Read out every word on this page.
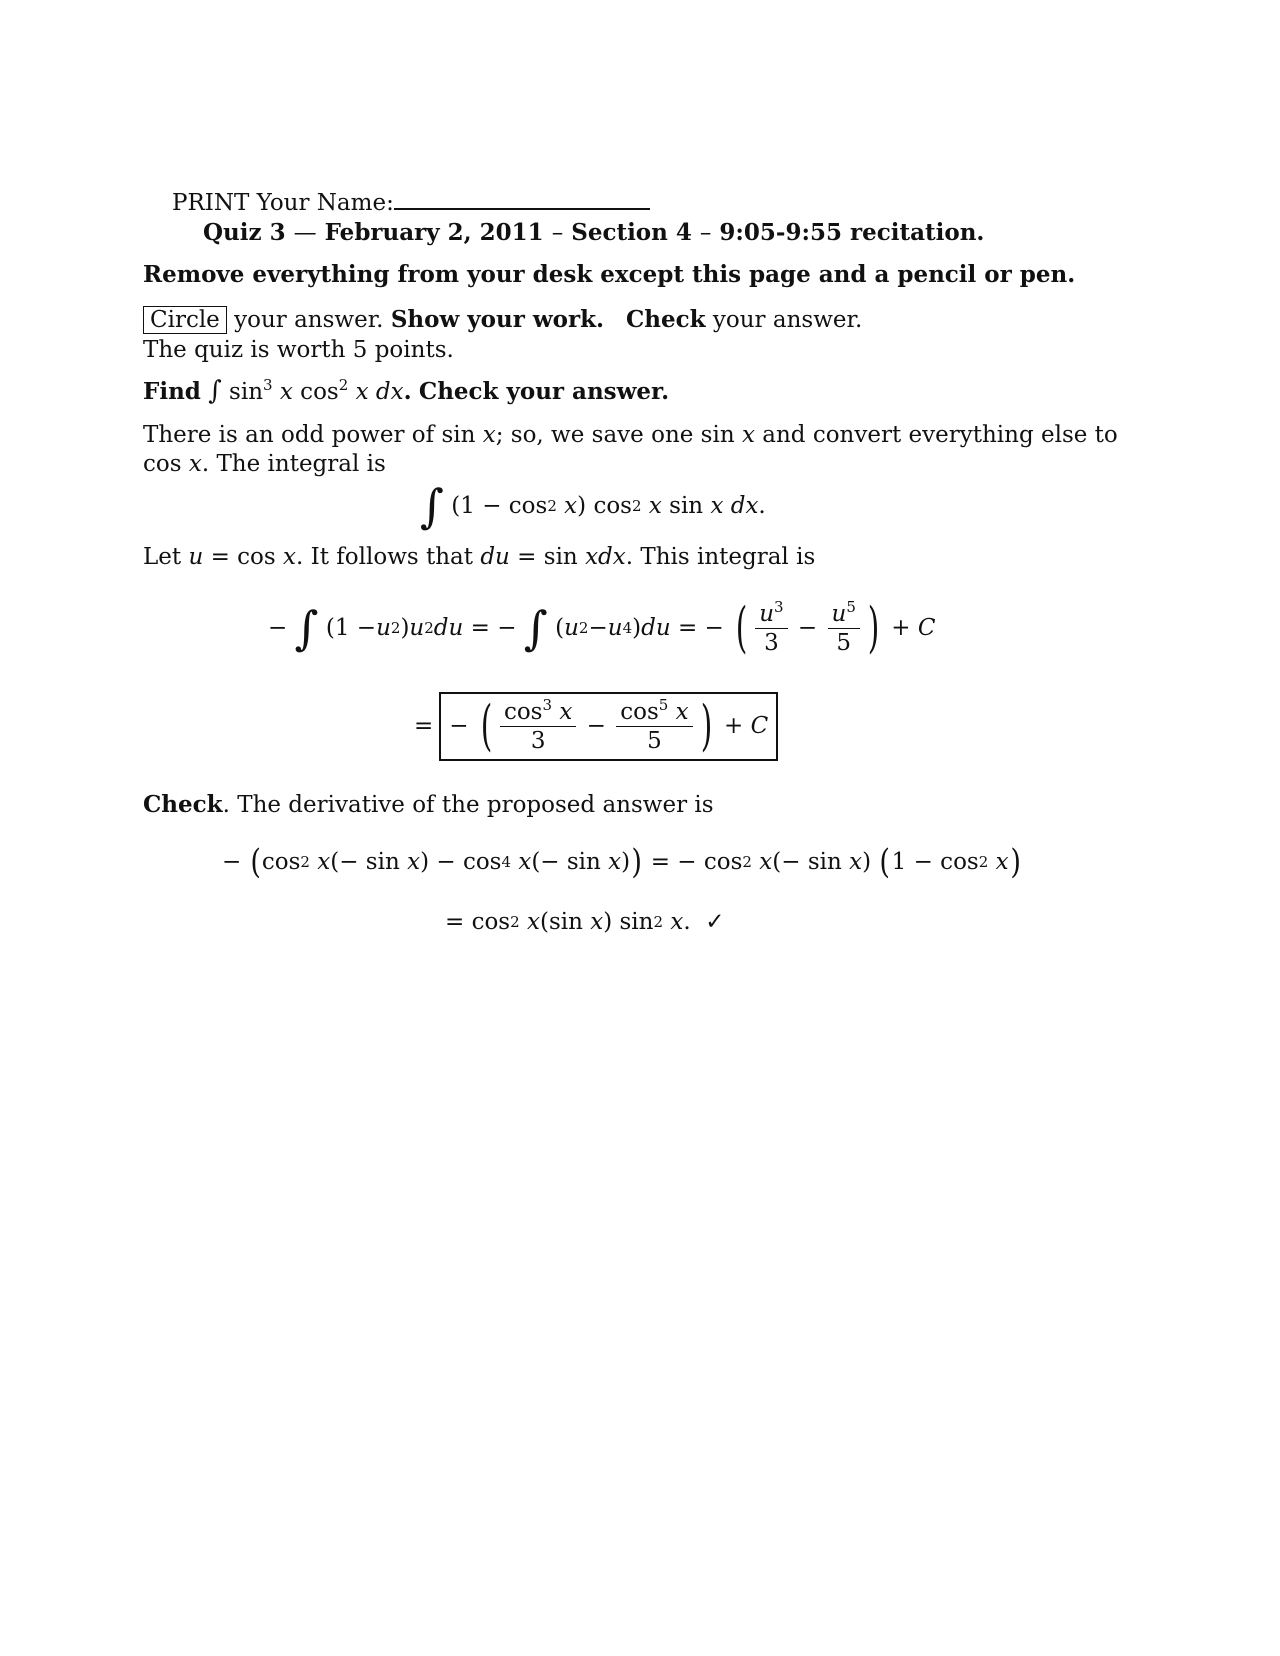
PRINT Your Name:
Quiz 3 — February 2, 2011 – Section 4 – 9:05-9:55 recitation.
Remove everything from your desk except this page and a pencil or pen.
Circle your answer. Show your work. Check your answer.
The quiz is worth 5 points.
Find ∫ $\sin^3 x$ $\cos^2 x$ dx. Check your answer.
There is an odd power of sin x; so, we save one sin x and convert everything else to
cos x. The integral is
∫ (1 − cos 2
x ) cos 2
x sin x dx .
Let u = cos x. It follows that du = sin xdx. This integral is
− ∫ (1 − u 2 ) u 2 du = − ∫ ( u 2 − u 4 ) du = − ( $\frac{u^3}{3} - \frac{u^5}{5}$ ) + C
= − ( $\frac{\cos^3 x}{3} - \frac{\cos^5 x}{5}$ ) + C
Check. The derivative of the proposed answer is
− ( cos 2
x (− sin x ) − cos 4
x (− sin x ) ) = − cos 2
x (− sin x ) ( 1 − cos 2
x )
= cos 2
x (sin x ) sin 2
x . ✓
